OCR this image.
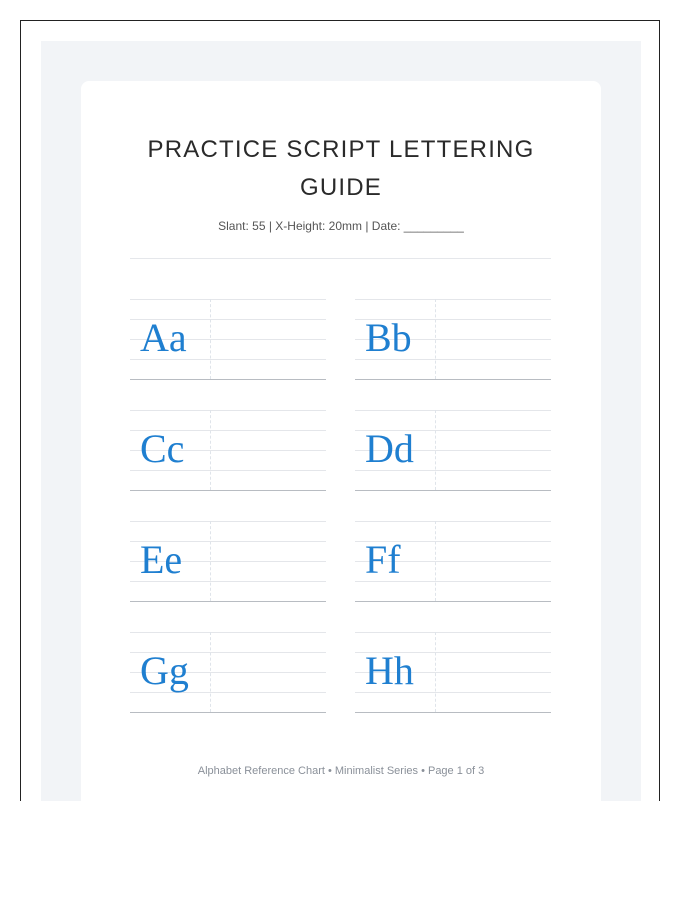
PRACTICE SCRIPT LETTERING GUIDE
Slant: 55 | X-Height: 20mm | Date: _________
Aa	Bb
Cc	Dd
Ee	Ff
Gg	Hh
Alphabet Reference Chart • Minimalist Series • Page 1 of 3
